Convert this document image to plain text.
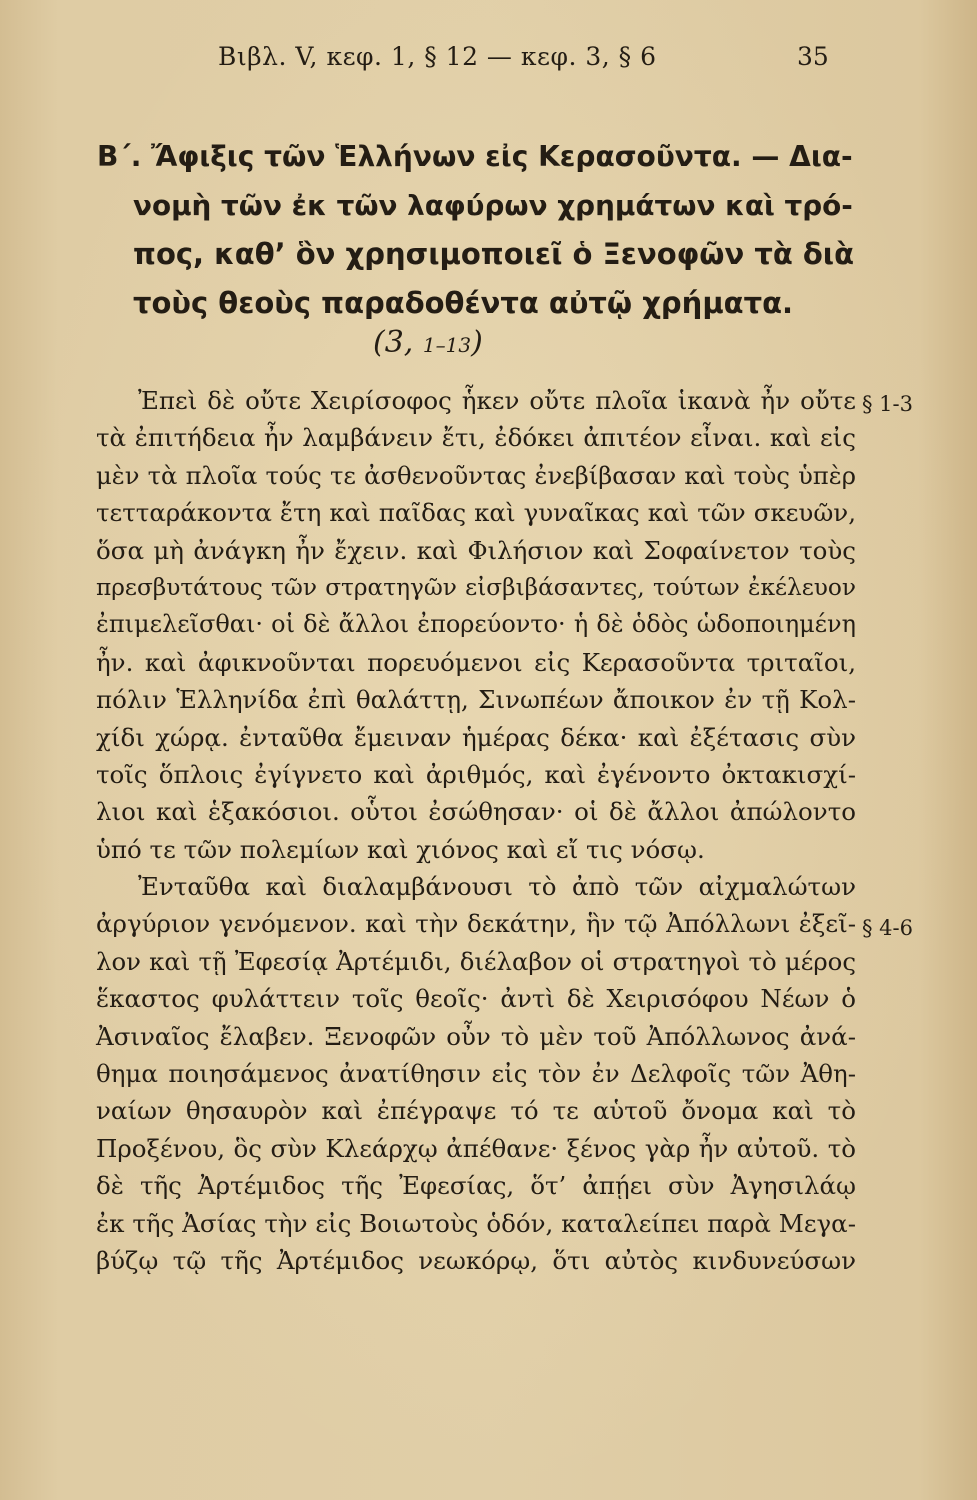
Βιβλ. V, κεφ. 1, § 12 — κεφ. 3, § 6	35
Β΄. Ἄφιξις τῶν Ἑλλήνων εἰς Κερασοῦντα. — Δια-
νομὴ τῶν ἐκ τῶν λαφύρων χρημάτων καὶ τρό-
πος, καθ’ ὃν χρησιμοποιεῖ ὁ Ξενοφῶν τὰ διὰ
τοὺς θεοὺς παραδοθέντα αὐτῷ χρήματα.
(3, 1–13)
Ἐπεὶ δὲ οὔτε Χειρίσοφος ἧκεν οὔτε πλοῖα ἱκανὰ ἦν οὔτε
τὰ ἐπιτήδεια ἦν λαμβάνειν ἔτι, ἐδόκει ἀπιτέον εἶναι. καὶ εἰς
μὲν τὰ πλοῖα τούς τε ἀσθενοῦντας ἐνεβίβασαν καὶ τοὺς ὑπὲρ
τετταράκοντα ἔτη καὶ παῖδας καὶ γυναῖκας καὶ τῶν σκευῶν,
ὅσα μὴ ἀνάγκη ἦν ἔχειν. καὶ Φιλήσιον καὶ Σοφαίνετον τοὺς
πρεσβυτάτους τῶν στρατηγῶν εἰσβιβάσαντες, τούτων ἐκέλευον
ἐπιμελεῖσθαι· οἱ δὲ ἄλλοι ἐπορεύοντο· ἡ δὲ ὁδὸς ὡδοποιημένη
ἦν. καὶ ἀφικνοῦνται πορευόμενοι εἰς Κερασοῦντα τριταῖοι,
πόλιν Ἑλληνίδα ἐπὶ θαλάττῃ, Σινωπέων ἄποικον ἐν τῇ Κολ-
χίδι χώρᾳ. ἐνταῦθα ἔμειναν ἡμέρας δέκα· καὶ ἐξέτασις σὺν
τοῖς ὅπλοις ἐγίγνετο καὶ ἀριθμός, καὶ ἐγένοντο ὀκτακισχί-
λιοι καὶ ἑξακόσιοι. οὗτοι ἐσώθησαν· οἱ δὲ ἄλλοι ἀπώλοντο
ὑπό τε τῶν πολεμίων καὶ χιόνος καὶ εἴ τις νόσῳ.
Ἐνταῦθα καὶ διαλαμβάνουσι τὸ ἀπὸ τῶν αἰχμαλώτων
ἀργύριον γενόμενον. καὶ τὴν δεκάτην, ἣν τῷ Ἀπόλλωνι ἐξεῖ-
λον καὶ τῇ Ἐφεσίᾳ Ἀρτέμιδι, διέλαβον οἱ στρατηγοὶ τὸ μέρος
ἕκαστος φυλάττειν τοῖς θεοῖς· ἀντὶ δὲ Χειρισόφου Νέων ὁ
Ἀσιναῖος ἔλαβεν. Ξενοφῶν οὖν τὸ μὲν τοῦ Ἀπόλλωνος ἀνά-
θημα ποιησάμενος ἀνατίθησιν εἰς τὸν ἐν Δελφοῖς τῶν Ἀθη-
ναίων θησαυρὸν καὶ ἐπέγραψε τό τε αὑτοῦ ὄνομα καὶ τὸ
Προξένου, ὃς σὺν Κλεάρχῳ ἀπέθανε· ξένος γὰρ ἦν αὐτοῦ. τὸ
δὲ τῆς Ἀρτέμιδος τῆς Ἐφεσίας, ὅτ’ ἀπῄει σὺν Ἀγησιλάῳ
ἐκ τῆς Ἀσίας τὴν εἰς Βοιωτοὺς ὁδόν, καταλείπει παρὰ Μεγα-
βύζῳ τῷ τῆς Ἀρτέμιδος νεωκόρῳ, ὅτι αὐτὸς κινδυνεύσων
§ 1-3
§ 4-6
